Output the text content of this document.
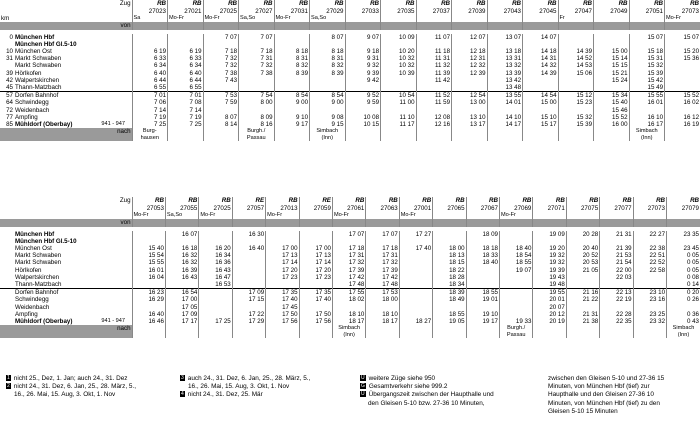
	Zug			RB	RB	RB	RB	RB	RB	RB	RB	RB	RB	RB	RB	RB	RB	RB	RB
				27023	27021	27025	27027	27031	27029	27033	27035	27037	27039	27043	27045	27047	27049	27051	27073
km				Sa	Mo-Fr	Mo-Fr	Sa,So	Mo-Fr	Sa,So							Fr			Mo-Fr
	von																		

0	München Hbf					7 07	7 07		8 07	9 07	10 09	11 07	12 07	13 07	14 07			15 07	15 07
	München Hbf Gl.5-10																		
10	München Ost			6 19	6 19	7 18	7 18	8 18	8 18	9 18	10 20	11 18	12 18	13 18	14 18	14 39	15 00	15 18	15 20
31	Markt Schwaben			6 33	6 33	7 32	7 31	8 31	8 31	9 31	10 32	11 31	12 31	13 31	14 31	14 52	15 14	15 31	15 36
	Markt Schwaben			6 34	6 34	7 32	7 32	8 32	8 32	9 32	10 32	11 32	12 32	13 32	14 32	14 53	15 15	15 32	
39	Hörlkofen			6 40	6 40	7 38	7 38	8 39	8 39	9 39	10 39	11 39	12 39	13 39	14 39	15 06	15 21	15 39	
42	Walpertskirchen			6 44	6 44	7 43				9 42		11 42		13 42			15 24	15 42	
45	Thann-Matzbach			6 55	6 55									13 48				15 49	
57	Dorfen Bahnhof			7 01	7 01	7 53	7 54	8 54	8 54	9 52	10 54	11 52	12 54	13 55	14 54	15 12	15 34	15 55	15 52
64	Schwindegg			7 06	7 08	7 59	8 00	9 00	9 00	9 59	11 00	11 59	13 00	14 01	15 00	15 23	15 40	16 01	16 02
72	Weidenbach			7 14	7 14												15 46		
77	Ampfing			7 19	7 19	8 07	8 09	9 10	9 08	10 08	11 10	12 08	13 10	14 10	15 10	15 32	15 52	16 10	16 12
85	Mühldorf (Oberbay)	941 - 947		7 25	7 25	8 14	8 16	9 17	9 15	10 15	11 17	12 16	13 17	14 17	15 17	15 39	16 00	16 17	16 19
	nach			Burg-
hausen			Burgh./
Passau		Simbach
(Inn)									Simbach
(Inn)	
	Zug			RB	RB	RB	RE	RB	RE	RB	RB	RB	RB	RB	RB	RB	RB	RB	RB	RB
				27053	27055	27025	27057	27013	27059	27061	27063	27001	27065	27067	27069	27071	27075	27077	27073	27079
				Mo-Fr	Sa,So	Mo-Fr		Mo-Fr		Mo-Fr		Mo-Fr			Mo-Fr					
	von																			

	München Hbf				16 07		16 30			17 07	17 07	17 27		18 09		19 09	20 28	21 31	22 27	23 35
	München Hbf Gl.5-10																			
	München Ost			15 40	16 18	16 20	16 40	17 00	17 00	17 18	17 18	17 40	18 00	18 18	18 40	19 20	20 40	21 39	22 38	23 45
	Markt Schwaben			15 54	16 32	16 34		17 13	17 13	17 31	17 31		18 13	18 33	18 54	19 32	20 52	21 53	22 51	0 05
	Markt Schwaben			15 55	16 32	16 36		17 14	17 14	17 32	17 32		18 15	18 40	18 55	19 32	20 53	21 54	22 52	0 05
	Hörlkofen			16 01	16 39	16 43		17 20	17 20	17 39	17 39		18 22		19 07	19 39	21 05	22 00	22 58	0 05
	Walpertskirchen			16 04	16 43	16 47		17 23	17 23	17 42	17 42		18 28			19 43		22 03		0 08
	Thann-Matzbach					16 53				17 48	17 48		18 34			19 48				0 14
	Dorfen Bahnhof			16 23	16 54		17 09	17 35	17 35	17 55	17 53		18 39	18 55		19 55	21 16	22 13	23 10	0 20
	Schwindegg			16 29	17 00		17 15	17 40	17 40	18 02	18 00		18 49	19 01		20 01	21 22	22 19	23 16	0 26
	Weidenbach				17 05			17 45								20 07				
	Ampfing			16 40	17 09		17 22	17 50	17 50	18 10	18 10		18 55	19 10		20 12	21 31	22 28	23 25	0 36
	Mühldorf (Oberbay)	941 - 947		16 46	17 17	17 25	17 29	17 56	17 56	18 17	18 17	18 27	19 05	19 17	19 33	20 19	21 38	22 35	23 32	0 43
	nach									Simbach
(Inn)					Burgh./
Passau					Simbach
(Inn)
1 nicht 25., Dez, 1. Jan; auch 24., 31. Dez
2 nicht 24., 31. Dez, 6. Jan, 25., 28. März, 5.,
16., 26. Mai, 15. Aug, 3. Okt, 1. Nov
3 auch 24., 31. Dez, 6. Jan, 25., 28. März, 5.,
16., 26. Mai, 15. Aug, 3. Okt, 1. Nov
4 nicht 24., 31. Dez, 25. Mär
Ü weitere Züge siehe 950
G Gesamtverkehr siehe 999.2
Ü Übergangszeit zwischen der Haupthalle und
den Gleisen 5-10 bzw. 27-36 10 Minuten,
zwischen den Gleisen 5-10 und 27-36 15
Minuten, von München Hbf (tief) zur
Haupthalle und den Gleisen 27-36 10
Minuten, von München Hbf (tief) zu den
Gleisen 5-10 15 Minuten
